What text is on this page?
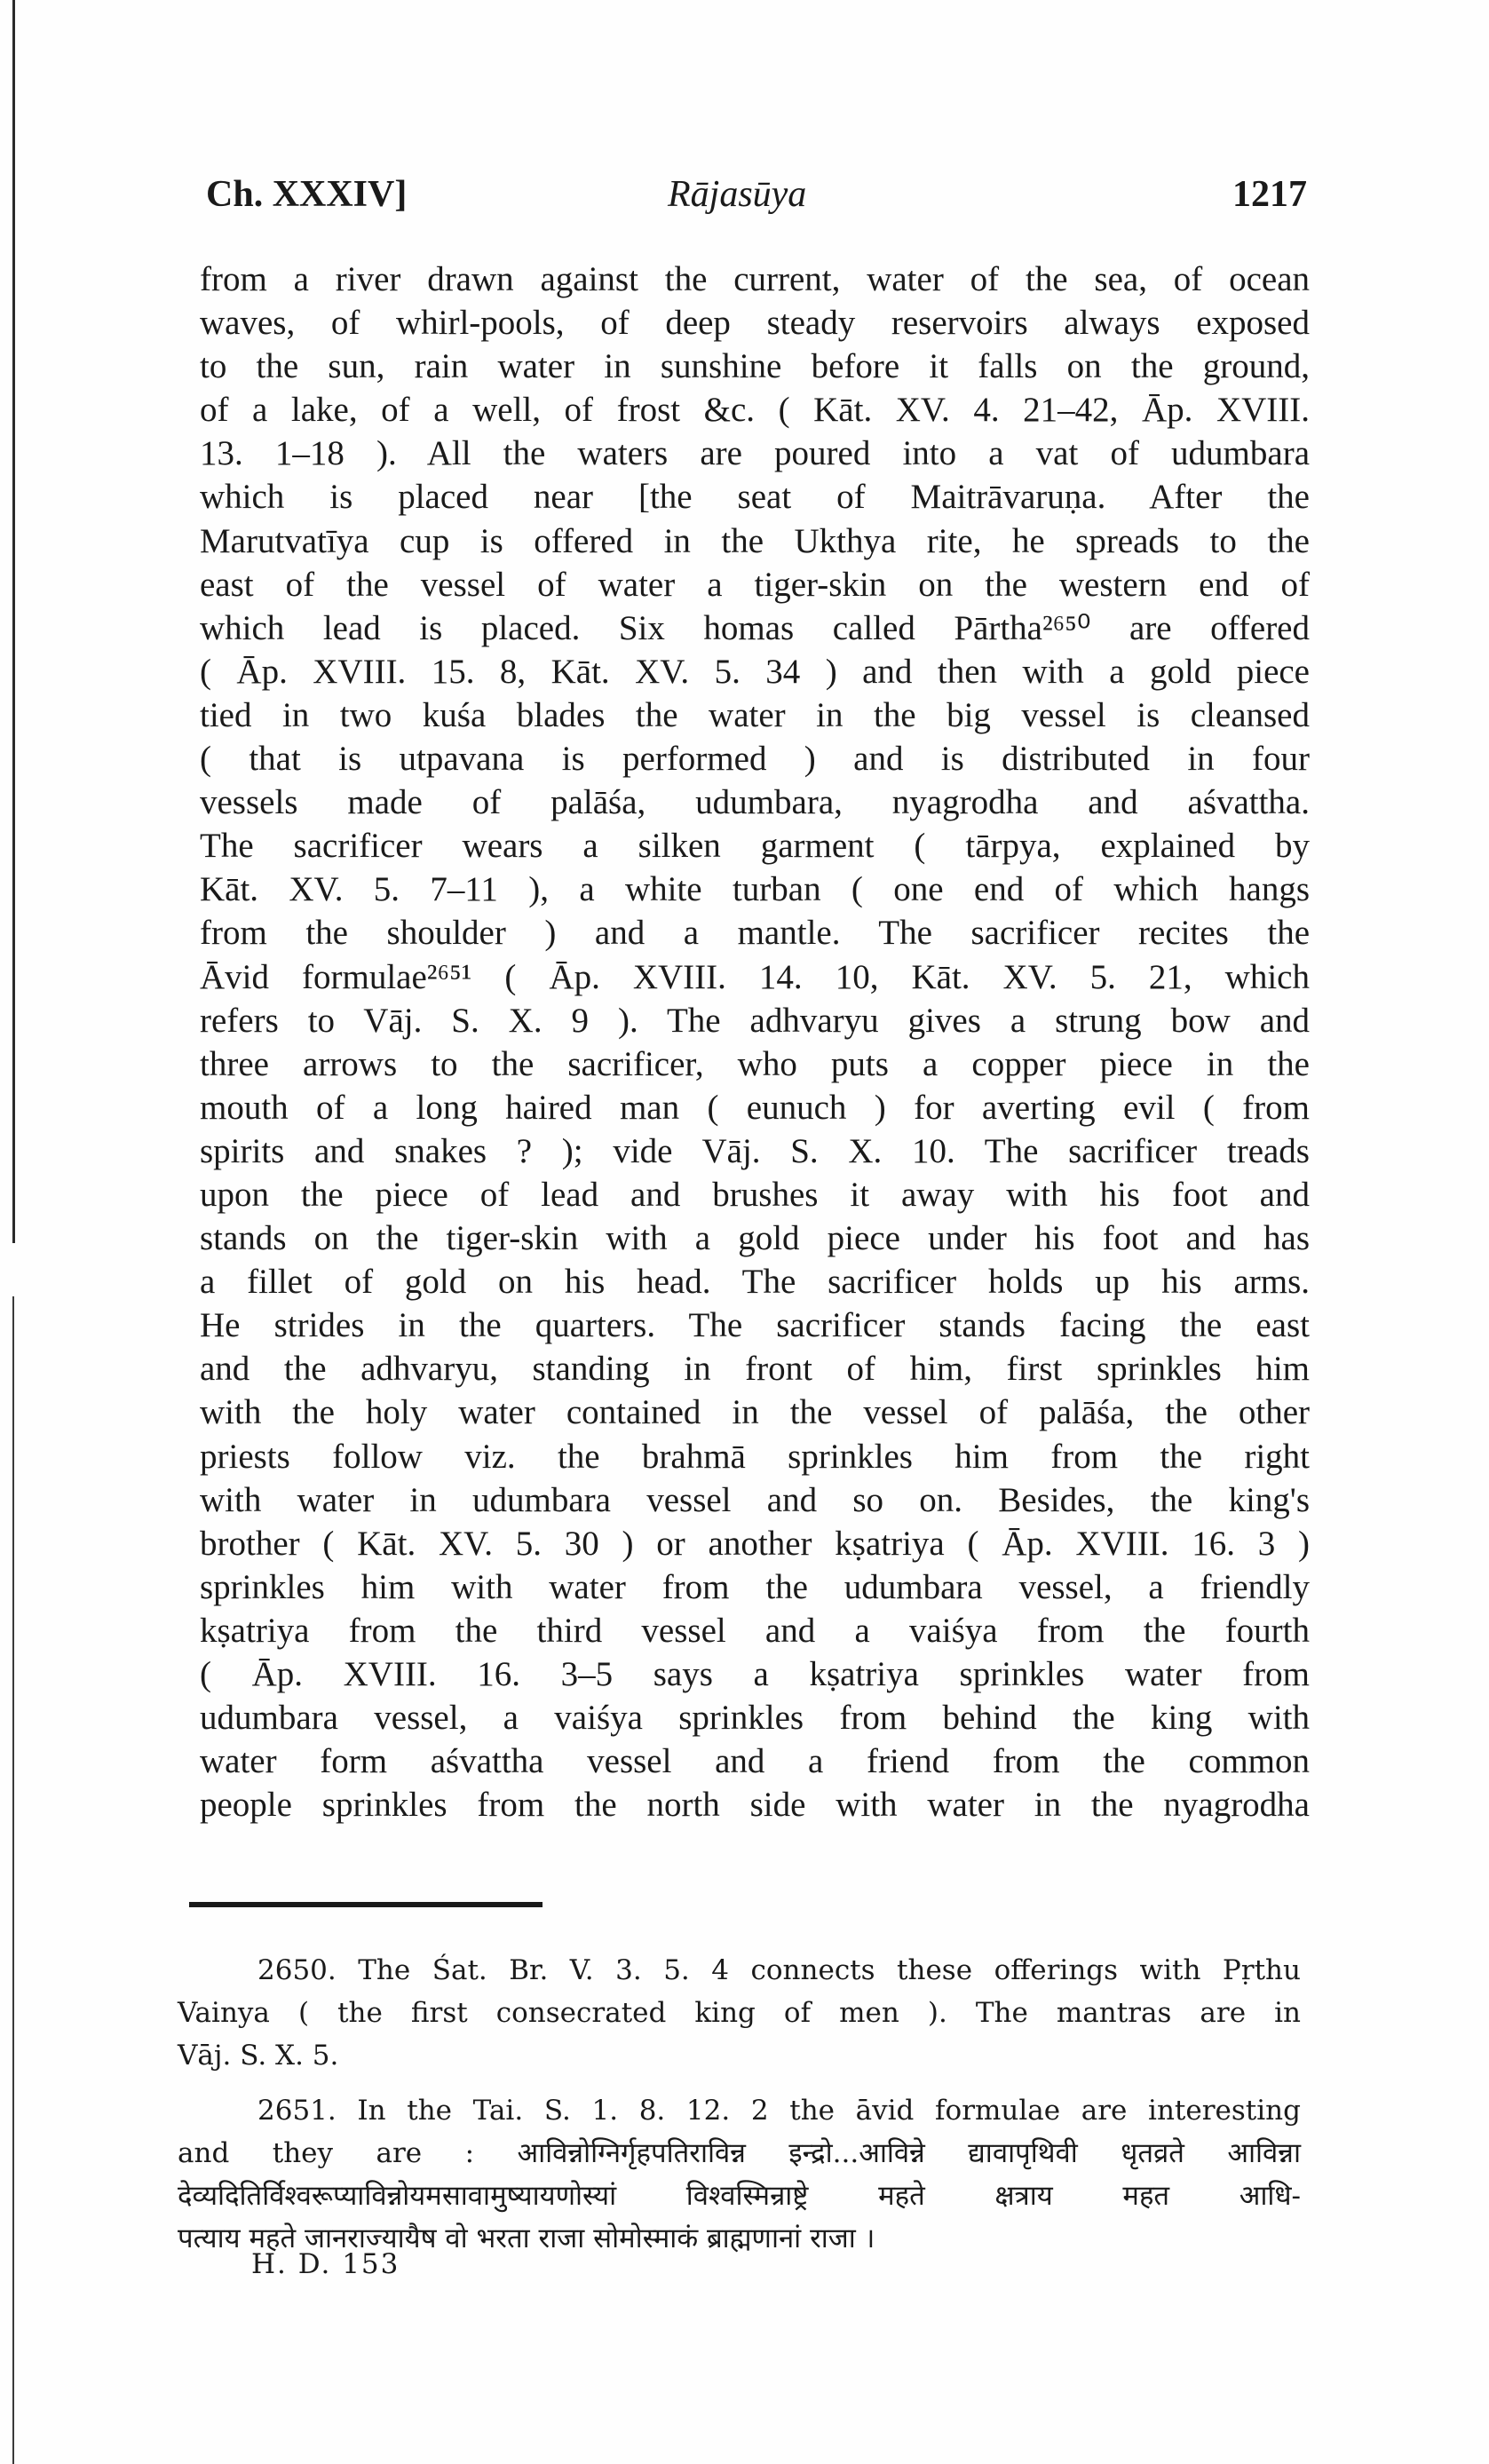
Ch. XXXIV]	Rājasūya	1217
from a river drawn against the current, water of the sea, of ocean
waves, of whirl-pools, of deep steady reservoirs always exposed
to the sun, rain water in sunshine before it falls on the ground,
of a lake, of a well, of frost &c. ( Kāt. XV. 4. 21–42, Āp. XVIII.
13. 1–18 ). All the waters are poured into a vat of udumbara
which is placed near [the seat of Maitrāvaruṇa. After the
Marutvatīya cup is offered in the Ukthya rite, he spreads to the
east of the vessel of water a tiger-skin on the western end of
which lead is placed. Six homas called Pārtha²⁶⁵⁰ are offered
( Āp. XVIII. 15. 8, Kāt. XV. 5. 34 ) and then with a gold piece
tied in two kuśa blades the water in the big vessel is cleansed
( that is utpavana is performed ) and is distributed in four
vessels made of palāśa, udumbara, nyagrodha and aśvattha.
The sacrificer wears a silken garment ( tārpya, explained by
Kāt. XV. 5. 7–11 ), a white turban ( one end of which hangs
from the shoulder ) and a mantle. The sacrificer recites the
Āvid formulae²⁶⁵¹ ( Āp. XVIII. 14. 10, Kāt. XV. 5. 21, which
refers to Vāj. S. X. 9 ). The adhvaryu gives a strung bow and
three arrows to the sacrificer, who puts a copper piece in the
mouth of a long haired man ( eunuch ) for averting evil ( from
spirits and snakes ? ); vide Vāj. S. X. 10. The sacrificer treads
upon the piece of lead and brushes it away with his foot and
stands on the tiger-skin with a gold piece under his foot and has
a fillet of gold on his head. The sacrificer holds up his arms.
He strides in the quarters. The sacrificer stands facing the east
and the adhvaryu, standing in front of him, first sprinkles him
with the holy water contained in the vessel of palāśa, the other
priests follow viz. the brahmā sprinkles him from the right
with water in udumbara vessel and so on. Besides, the king's
brother ( Kāt. XV. 5. 30 ) or another kṣatriya ( Āp. XVIII. 16. 3 )
sprinkles him with water from the udumbara vessel, a friendly
kṣatriya from the third vessel and a vaiśya from the fourth
( Āp. XVIII. 16. 3–5 says a kṣatriya sprinkles water from
udumbara vessel, a vaiśya sprinkles from behind the king with
water form aśvattha vessel and a friend from the common
people sprinkles from the north side with water in the nyagrodha
2650. The Śat. Br. V. 3. 5. 4 connects these offerings with Pṛthu
Vainya ( the first consecrated king of men ). The mantras are in
Vāj. S. X. 5.
2651. In the Tai. S. 1. 8. 12. 2 the āvid formulae are interesting
and they are : आविन्नोग्निर्गृहपतिराविन्न इन्द्रो...आविन्ने द्यावापृथिवी धृतव्रते आविन्ना
देव्यदितिर्विश्वरूप्याविन्नोयमसावामुष्यायणोस्यां विश्वस्मिन्राष्ट्रे महते क्षत्राय महत आधि-
पत्याय महते जानराज्यायैष वो भरता राजा सोमोस्माकं ब्राह्मणानां राजा ।
H. D. 153
